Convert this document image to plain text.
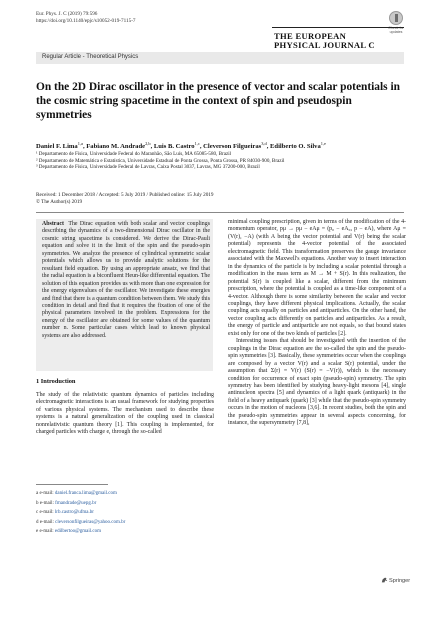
Eur. Phys. J. C (2019) 79:596
https://doi.org/10.1140/epjc/s10052-019-7115-7
Check for
updates
THE EUROPEAN
PHYSICAL JOURNAL C
Regular Article - Theoretical Physics
On the 2D Dirac oscillator in the presence of vector and scalar potentials in the cosmic string spacetime in the context of spin and pseudospin symmetries
Daniel F. Lima$^{1,a}$, Fabiano M. Andrade$^{2,b}$, Luis B. Castro$^{1,c}$, Cleverson Filgueiras$^{3,d}$, Edilberto O. Silva$^{1,e}$
¹ Departamento de Física, Universidade Federal do Maranhão, São Luís, MA 65085-580, Brazil
² Departamento de Matemática e Estatística, Universidade Estadual de Ponta Grossa, Ponta Grossa, PR 84030-900, Brazil
³ Departamento de Física, Universidade Federal de Lavras, Caixa Postal 3037, Lavras, MG 37200-000, Brazil
Received: 1 December 2018 / Accepted: 5 July 2019 / Published online: 15 July 2019
© The Author(s) 2019

Abstract The Dirac equation with both scalar and vector couplings describing the dynamics of a two-dimensional Dirac oscillator in the cosmic string spacetime is considered. We derive the Dirac-Pauli equation and solve it in the limit of the spin and the pseudo-spin symmetries. We analyze the presence of cylindrical symmetric scalar potentials which allows us to provide analytic solutions for the resultant field equation. By using an appropriate ansatz, we find that the radial equation is a biconfluent Heun-like differential equation. The solution of this equation provides us with more than one expression for the energy eigenvalues of the oscillator. We investigate these energies and find that there is a quantum condition between them. We study this condition in detail and find that it requires the fixation of one of the physical parameters involved in the problem. Expressions for the energy of the oscillator are obtained for some values of the quantum number n. Some particular cases which lead to known physical systems are also addressed.

1 Introduction

The study of the relativistic quantum dynamics of particles including electromagnetic interactions is an usual framework for studying properties of various physical systems. The mechanism used to describe these systems is a natural generalization of the coupling used in classical nonrelativistic quantum theory [1]. This coupling is implemented, for charged particles with charge e, through the so-called

minimal coupling prescription, given in terms of the modification of the 4-momentum operator, pμ → pμ − eAμ = (p₀ − eA₀, p − eA), where Aμ = (V(r), −A) (with A being the vector potential and V(r) being the scalar potential) represents the 4-vector potential of the associated electromagnetic field. This transformation preserves the gauge invariance associated with the Maxwell's equations. Another way to insert interaction in the dynamics of the particle is by including a scalar potential through a modification in the mass term as M → M + S(r). In this realization, the potential S(r) is coupled like a scalar, different from the minimum prescription, where the potential is coupled as a time-like component of a 4-vector. Although there is some similarity between the scalar and vector couplings, they have different physical implications. Actually, the scalar coupling acts equally on particles and antiparticles. On the other hand, the vector coupling acts differently on particles and antiparticles. As a result, the energy of particle and antiparticle are not equals, so that bound states exist only for one of the two kinds of particles [2].

Interesting issues that should be investigated with the insertion of the couplings in the Dirac equation are the so-called the spin and the pseudo-spin symmetries [3]. Basically, these symmetries occur when the couplings are composed by a vector V(r) and a scalar S(r) potential, under the assumption that Σ(r) = V(r) (S(r) = −V(r)), which is the necessary condition for occurrence of exact spin (pseudo-spin) symmetry. The spin symmetry has been identified by studying heavy-light mesons [4], single antinucleon spectra [5] and dynamics of a light quark (antiquark) in the field of a heavy antiquark (quark) [3] while that the pseudo-spin symmetry occurs in the motion of nucleons [3,6]. In recent studies, both the spin and the pseudo-spin symmetries appear in several aspects concerning, for instance, the supersymmetry [7,8],

a e-mail: daniel.franca.lima@gmail.com
b e-mail: fmandrade@uepg.br
c e-mail: lrb.castro@ufma.br
d e-mail: cleversonfilgueiras@yahoo.com.br
e e-mail: edilbertoo@gmail.com
Springer
